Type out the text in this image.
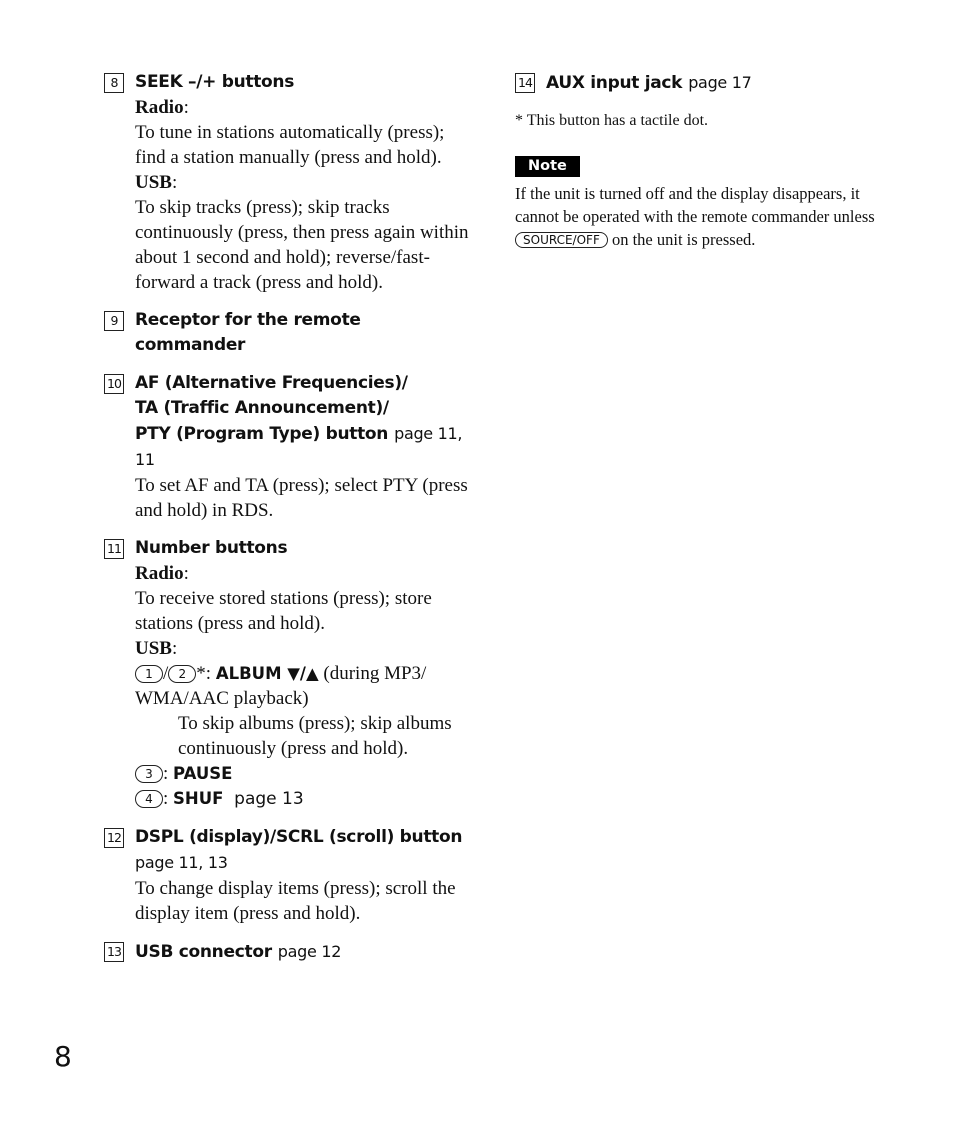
8	SEEK –/+ buttons
Radio:
To tune in stations automatically (press); find a station manually (press and hold).
USB:
To skip tracks (press); skip tracks continuously (press, then press again within about 1 second and hold); reverse/fast-forward a track (press and hold).
9	Receptor for the remote
commander
10 AF (Alternative Frequencies)/
TA (Traffic Announcement)/
PTY (Program Type) button page 11,
11
To set AF and TA (press); select PTY (press and hold) in RDS.
11 Number buttons
Radio:
To receive stored stations (press); store stations (press and hold).
USB:
1 / 2 *: ALBUM ▼/▲ (during MP3/ WMA/AAC playback)
To skip albums (press); skip albums continuously (press and hold).
3 : PAUSE
4 : SHUF page 13
12 DSPL (display)/SCRL (scroll) button
page 11, 13
To change display items (press); scroll the display item (press and hold).
13 USB connector page 12
14 AUX input jack page 17
* This button has a tactile dot.
Note
If the unit is turned off and the display disappears, it cannot be operated with the remote commander unless SOURCE/OFF on the unit is pressed.
8
